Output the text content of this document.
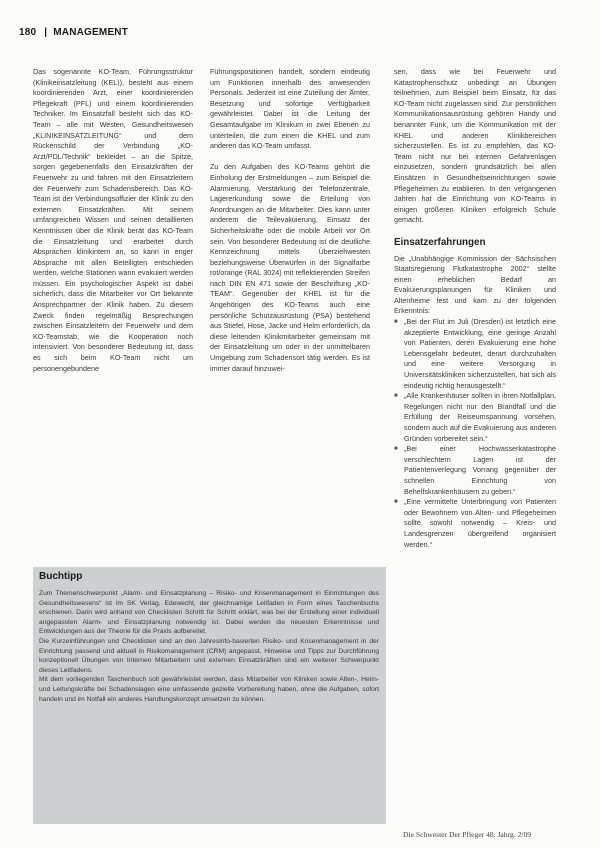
180 | MANAGEMENT

Das sogenannte KO-Team, Führungsstruktur (Klinikeinsatzleitung (KEL)), besteht aus einem koordinierenden Arzt, einer koordinierenden Pflegekraft (PFL) und einem koordinierenden Techniker. Im Einsatzfall besteht sich das KO-Team – alle mit Westen, Gesundheitswesen „KLINIKEINSATZLEITUNG“ und dem Rückenschild der Verbindung „KO-Arzt/PDL/Technik“ bekleidet – an die Spitze, sorgen gegebenenfalls den Einsatzkräften der Feuerwehr zu und fahren mit den Einsatzleitern der Feuerwehr zum Schadensbereich. Das KO-Team ist der Verbindungsoffizier der Klinik zu den externen Einsatzkräften. Mit seinem umfangreichen Wissen und seinen detaillierten Kenntnissen über die Klinik berät das KO-Team die Einsatzleitung und erarbeitet durch Absprachen klinikintern an, so kann in enger Absprache mit allen Beteiligten entschieden werden, welche Stationen wann evakuiert werden müssen. Ein psychologischer Aspekt ist dabei sicherlich, dass die Mitarbeiter vor Ort bekannte Ansprechpartner der Klinik haben. Zu diesem Zweck finden regelmäßig Besprechungen zwischen Einsatzleitern der Feuerwehr und dem KO-Teamstab, wie die Kooperation noch intensiviert. Von besonderer Bedeutung ist, dass es sich beim KO-Team nicht um personengebundene

Führungspositionen handelt, sondern eindeutig um Funktionen innerhalb des anwesenden Personals. Jederzeit ist eine Zuteilung der Ämter, Besetzung und sofortige Verfügbarkeit gewährleistet. Dabei ist die Leitung der Gesamtaufgabe im Klinikum in zwei Ebenen zu unterteilen, die zum einen die KHEL und zum anderen das KO-Team umfasst.

Zu den Aufgaben des KO-Teams gehört die Einholung der Erstmeldungen – zum Beispiel die Alarmierung, Verstärkung der Telefonzentrale, Lagererkundung sowie die Erteilung von Anordnungen an die Mitarbeiter. Dies kann unter anderem die Teilevakuierung, Einsatz der Sicherheitskräfte oder die mobile Arbeit vor Ort sein. Von besonderer Bedeutung ist die deutliche Kennzeichnung mittels Überziehwesten beziehungsweise Überwürfen in der Signalfarbe rot/orange (RAL 3024) mit reflektierenden Streifen nach DIN EN 471 sowie der Beschriftung „KO-TEAM“. Gegenüber der KHEL ist für die Angehörigen des KO-Teams auch eine persönliche Schutzausrüstung (PSA) bestehend aus Stiefel, Hose, Jacke und Helm erforderlich, da diese leitenden Klinikmitarbeiter gemeinsam mit der Einsatzleitung um oder in der unmittelbaren Umgebung zum Schadensort tätig werden. Es ist immer darauf hinzuwei-

sen, dass wie bei Feuerwehr und Katastrophenschutz unbedingt an Übungen teilnehmen, zum Beispiel beim Einsatz, für das KO-Team nicht zugelassen sind. Zur persönlichen Kommunikationsausrüstung gehören Handy und benannter Funk, um die Kommunikation mit der KHEL und anderen Klinikbereichen sicherzustellen. Es ist zu empfehlen, das KO-Team nicht nur bei internen Gefahrenlagen einzusetzen, sondern grundsätzlich bei allen Einsätzen in Gesundheitseinrichtungen sowie Pflegeheimen zu etablieren. In den vergangenen Jahren hat die Einrichtung von KO-Teams in einigen größeren Kliniken erfolgreich Schule gemacht.

Einsatzerfahrungen

Die „Unabhängige Kommission der Sächsischen Staatsregierung Flutkatastrophe 2002“ stellte einen erheblichen Bedarf an Evakuierungsplanungen für Kliniken und Altenheime fest und kam zu der folgenden Erkenntnis:

■ „Bei der Flut im Juli (Dresden) ist letztlich eine akzeptierte Entwicklung, eine geringe Anzahl von Patienten, deren Evakuierung eine hohe Lebensgefahr bedeutet, derart durchzuhalten und eine weitere Versorgung in Universitätskliniken sicherzustellen, hat sich als eindeutig richtig herausgestellt.“
■ „Alle Krankenhäuser sollten in ihren Notfallplan, Regelungen nicht nur den Brandfall und die Erfüllung der Reiseumspannung vorsehen, sondern auch auf die Evakuierung aus anderen Gründen vorbereitet sein.“
■ „Bei einer Hochwasserkatastrophe verschlechtern Lagen ist der Patientenverlegung Vorrang gegenüber der schnellen Einrichtung von Behelfskrankenhäusern zu geben.“
■ „Eine vermittelte Unterbringung von Patienten oder Bewohnern von Alten- und Pflegeheimen sollte sowohl notwendig – Kreis- und Landesgrenzen übergreifend organisiert werden.“
Buchtipp

Zum Themenschwerpunkt „Alarm- und Einsatzplanung – Risiko- und Krisenmanagement in Einrichtungen des Gesundheitswesens“ ist im SK Verlag, Edewecht, der gleichnamige Leitfaden in Form eines Taschenbuchs erschienen. Darin wird anhand von Checklisten Schritt für Schritt erklärt, was bei der Erstellung einer individuell angepassten Alarm- und Einsatzplanung notwendig ist. Dabei werden die neuesten Erkenntnisse und Entwicklungen aus der Theorie für die Praxis aufbereitet.

Die Kurzeinführungen und Checklisten sind an den Jahresinfo-basierten Risiko- und Krisenmanagement in der Einrichtung passend und aktuell in Risikomanagement (CRM) angepasst. Hinweise und Tipps zur Durchführung konzeptionell Übungen von Internen Mitarbeitern und externen Einsatzkräften sind ein weiterer Schwerpunkt dieses Leitfadens.

Mit dem vorliegenden Taschenbuch soll gewährleistet werden, dass Mitarbeiter von Kliniken sowie Alten-, Heim- und Leitungskräfte bei Schadenslagen eine umfassende gezielte Vorbereitung haben, ohne die Aufgaben, sofort handeln und im Notfall ein anderes Handlungskonzept umsetzen zu können.

Die Schwester Der Pfleger 48. Jahrg. 2/09
